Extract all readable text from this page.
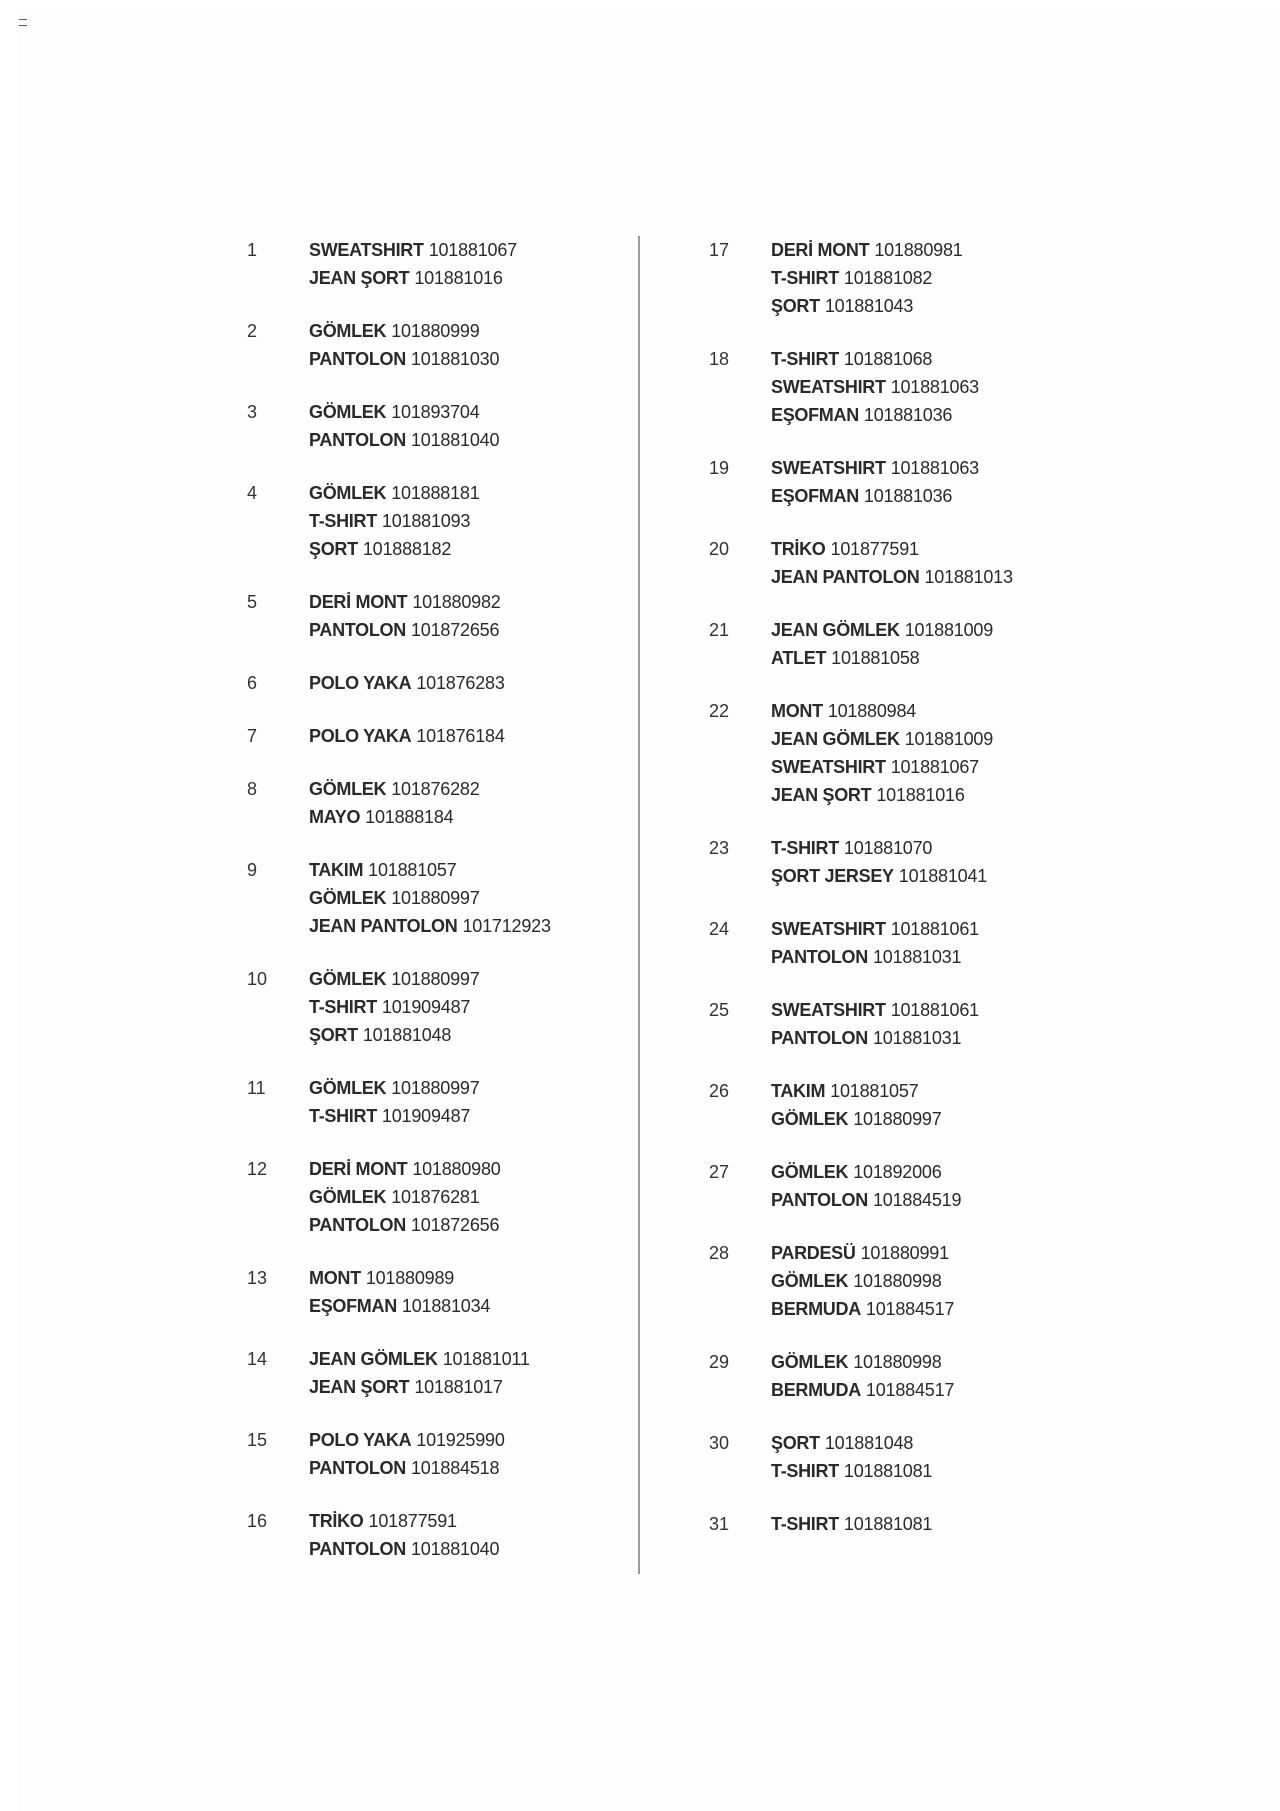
1	SWEATSHIRT 101881067
JEAN ŞORT 101881016
2	GÖMLEK 101880999
PANTOLON 101881030
3	GÖMLEK 101893704
PANTOLON 101881040
4	GÖMLEK 101888181
T-SHIRT 101881093
ŞORT 101888182
5	DERİ MONT 101880982
PANTOLON 101872656
6	POLO YAKA 101876283
7	POLO YAKA 101876184
8	GÖMLEK 101876282
MAYO 101888184
9	TAKIM 101881057
GÖMLEK 101880997
JEAN PANTOLON 101712923
10 GÖMLEK 101880997
T-SHIRT 101909487
ŞORT 101881048
11 GÖMLEK 101880997
T-SHIRT 101909487
12 DERİ MONT 101880980
GÖMLEK 101876281
PANTOLON 101872656
13 MONT 101880989
EŞOFMAN 101881034
14 JEAN GÖMLEK 101881011
JEAN ŞORT 101881017
15 POLO YAKA 101925990
PANTOLON 101884518
16 TRİKO 101877591
PANTOLON 101881040
17 DERİ MONT 101880981
T-SHIRT 101881082
ŞORT 101881043
18 T-SHIRT 101881068
SWEATSHIRT 101881063
EŞOFMAN 101881036
19 SWEATSHIRT 101881063
EŞOFMAN 101881036
20 TRİKO 101877591
JEAN PANTOLON 101881013
21 JEAN GÖMLEK 101881009
ATLET 101881058
22 MONT 101880984
JEAN GÖMLEK 101881009
SWEATSHIRT 101881067
JEAN ŞORT 101881016
23 T-SHIRT 101881070
ŞORT JERSEY 101881041
24 SWEATSHIRT 101881061
PANTOLON 101881031
25 SWEATSHIRT 101881061
PANTOLON 101881031
26 TAKIM 101881057
GÖMLEK 101880997
27 GÖMLEK 101892006
PANTOLON 101884519
28 PARDESÜ 101880991
GÖMLEK 101880998
BERMUDA 101884517
29 GÖMLEK 101880998
BERMUDA 101884517
30 ŞORT 101881048
T-SHIRT 101881081
31 T-SHIRT 101881081
